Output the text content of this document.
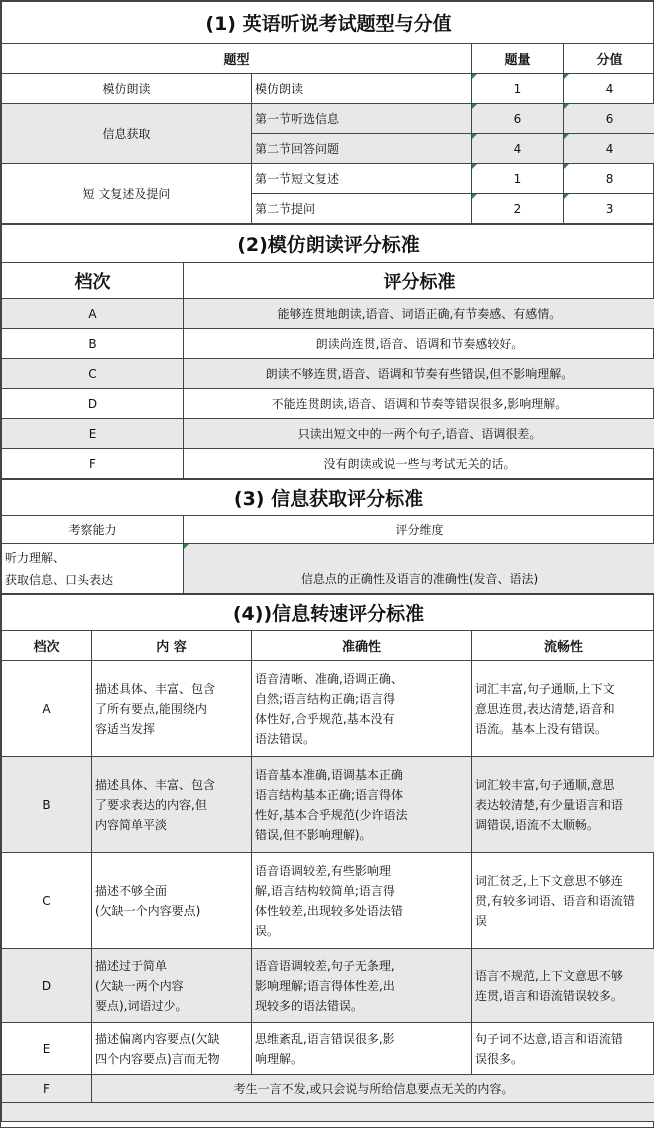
(1) 英语听说考试题型与分值			
题型		题量	分值
模仿朗读	模仿朗读	1	4
信息获取	第一节听选信息	6	6
	第二节回答问题	4	4
短 文复述及提问	第一节短文复述	1	8
	第二节提问	2	3
(2)模仿朗读评分标准	
档次	评分标准
A	能够连贯地朗读,语音、词语正确,有节奏感、有感情。
B	朗读尚连贯,语音、语调和节奏感较好。
C	朗读不够连贯,语音、语调和节奏有些错误,但不影响理解。
D	不能连贯朗读,语音、语调和节奏等错误很多,影响理解。
E	只读出短文中的一两个句子,语音、语调很差。
F	没有朗读或说一些与考试无关的话。
(3) 信息获取评分标准	
考察能力	评分维度
听力理解、
获取信息、口头表达	信息点的正确性及语言的准确性(发音、语法)
(4))信息转速评分标准			
档次	内 容	准确性	流畅性
A	描述具体、丰富、包含
了所有要点,能围绕内
容适当发挥	语音清晰、准确,语调正确、
自然;语言结构正确;语言得
体性好,合乎规范,基本没有
语法错误。	词汇丰富,句子通顺,上下文
意思连贯,表达清楚,语音和
语流。基本上没有错误。
B	描述具体、丰富、包含
了要求表达的内容,但
内容简单平淡	语音基本准确,语调基本正确
语言结构基本正确;语言得体
性好,基本合乎规范(少许语法
错误,但不影响理解)。	词汇较丰富,句子通顺,意思
表达较清楚,有少量语言和语
调错误,语流不太顺畅。
C	描述不够全面
(欠缺一个内容要点)	语音语调较差,有些影响理
解,语言结构较简单;语言得
体性较差,出现较多处语法错
误。	词汇贫乏,上下文意思不够连
贯,有较多词语、语音和语流错
误
D	描述过于简单
(欠缺一两个内容
要点),词语过少。	语音语调较差,句子无条理,
影响理解;语言得体性差,出
现较多的语法错误。	语言不规范,上下文意思不够
连贯,语言和语流错误较多。
E	描述偏离内容要点(欠缺
四个内容要点)言而无物	思维紊乱,语言错误很多,影
响理解。	句子词不达意,语言和语流错
误很多。
F	考生一言不发,或只会说与所给信息要点无关的内容。		
